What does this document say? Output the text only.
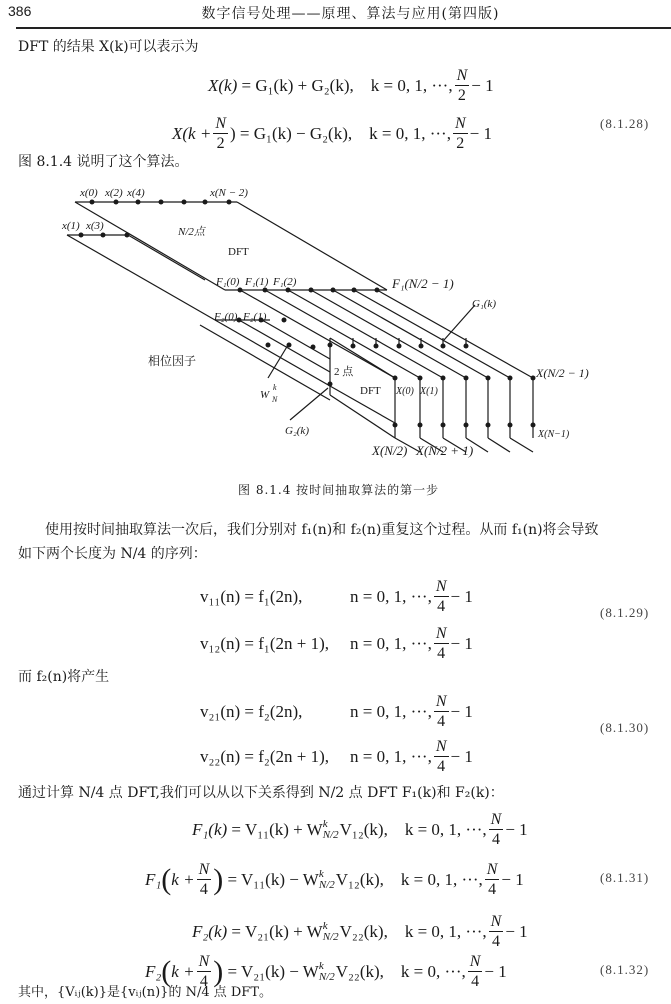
386	数字信号处理——原理、算法与应用(第四版)
DFT 的结果 X(k)可以表示为
X(k)
= G₁(k) + G₂(k),
k = 0, 1, ···, $\frac{N}{2} - 1$
(8.1.28)
$X(k + \frac{N}{2}$ )
= G₁(k) − G₂(k),
k = 0, 1, ···, $\frac{N}{2} - 1$
图 8.1.4 说明了这个算法。
x(0) x(2) x(4)	x(N − 2)
x(1) x(3)	N/2点
DFT
F₁(0) F₁(1) F₁(2)	F₁(N/2 − 1)
F₂(0) F₂(1)
G₁(k)
相位因子
W
k
N
2 点
DFT X(0) X(1)
X(N/2 − 1)
X(N−1)
G₂(k)
X(N/2) X(N/2 + 1)
图 8.1.4 按时间抽取算法的第一步
使用按时间抽取算法一次后，我们分别对 f₁(n)和 f₂(n)重复这个过程。从而 f₁(n)将会导致
如下两个长度为 N/4 的序列：
v₁₁(n) = f₁(2n),	n = 0, 1, ···, $\frac{N}{4} - 1$
(8.1.29)
v₁₂(n) = f₁(2n + 1),	n = 0, 1, ···, $\frac{N}{4} - 1$
而 f₂(n)将产生
v₂₁(n) = f₂(2n),	n = 0, 1, ···, $\frac{N}{4} - 1$
(8.1.30)
v₂₂(n) = f₂(2n + 1),	n = 0, 1, ···, $\frac{N}{4} - 1$
通过计算 N/4 点 DFT,我们可以从以下关系得到 N/2 点 DFT F₁(k)和 F₂(k)：
F₁(k)
= V₁₁(k) + W k
N/2 V₁₂(k),
k = 0, 1, ···, $\frac{N}{4} - 1$
F₁ ( $k + \frac{N}{4}$ )
= V₁₁(k) − W k
N/2 V₁₂(k),
k = 0, 1, ···, $\frac{N}{4} - 1$	(8.1.31)
F₂(k)
= V₂₁(k) + W k
N/2 V₂₂(k),
k = 0, 1, ···, $\frac{N}{4} - 1$
F₂ ( $k + \frac{N}{4}$ )
= V₂₁(k) − W k
N/2 V₂₂(k),
k = 0, ···, $\frac{N}{4} - 1$	(8.1.32)
其中，{Vᵢⱼ(k)}是{vᵢⱼ(n)}的 N/4 点 DFT。
